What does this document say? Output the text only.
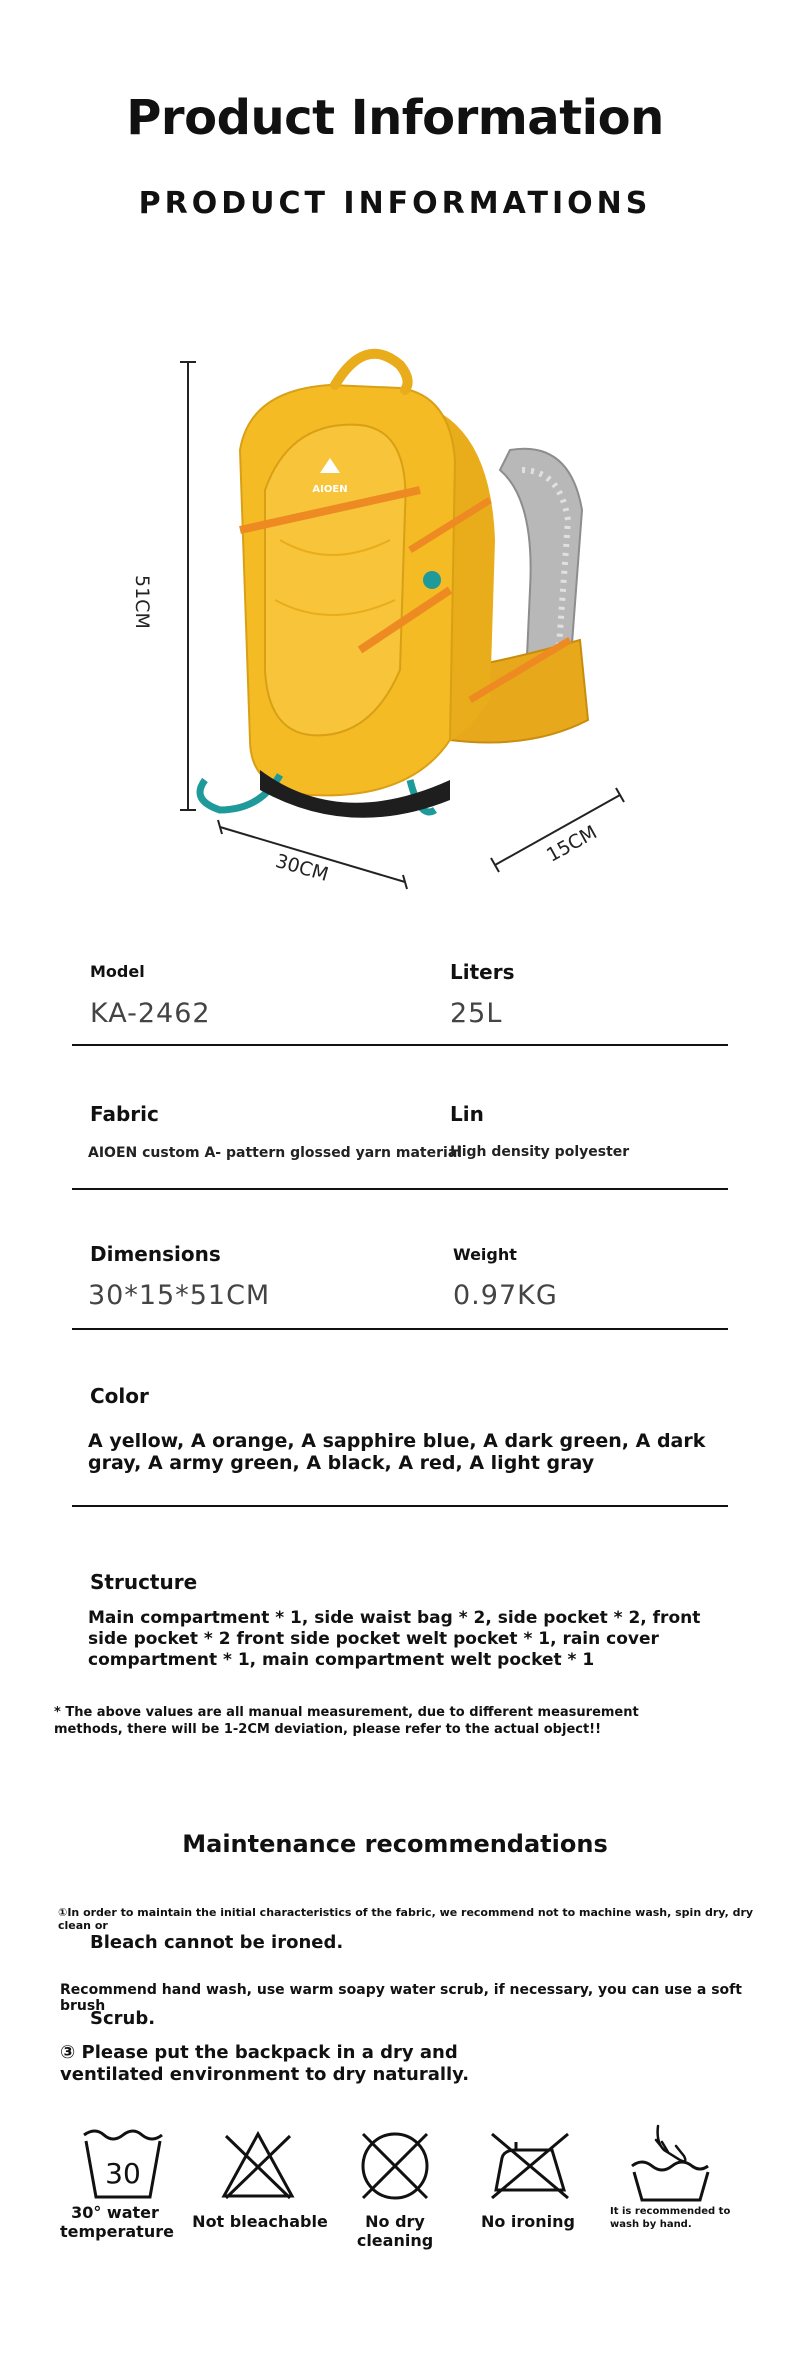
Product Information
PRODUCT INFORMATIONS
AIOEN
51CM
30CM
15CM
Model
KA-2462
Liters
25L
Fabric
AIOEN custom A- pattern glossed yarn material
Lin
High density polyester
Dimensions
30*15*51CM
Weight
0.97KG
Color
A yellow, A orange, A sapphire blue, A dark green, A dark gray, A army green, A black, A red, A light gray
Structure
Main compartment * 1, side waist bag * 2, side pocket * 2, front side pocket * 2 front side pocket welt pocket * 1, rain cover compartment * 1, main compartment welt pocket * 1
* The above values are all manual measurement, due to different measurement methods, there will be 1-2CM deviation, please refer to the actual object!!
Maintenance recommendations
①In order to maintain the initial characteristics of the fabric, we recommend not to machine wash, spin dry, dry clean or
Bleach cannot be ironed.
Recommend hand wash, use warm soapy water scrub, if necessary, you can use a soft brush
Scrub.
③ Please put the backpack in a dry and ventilated environment to dry naturally.
30
30° water temperature
Not bleachable	No dry cleaning
No ironing
It is recommended to wash by hand.
